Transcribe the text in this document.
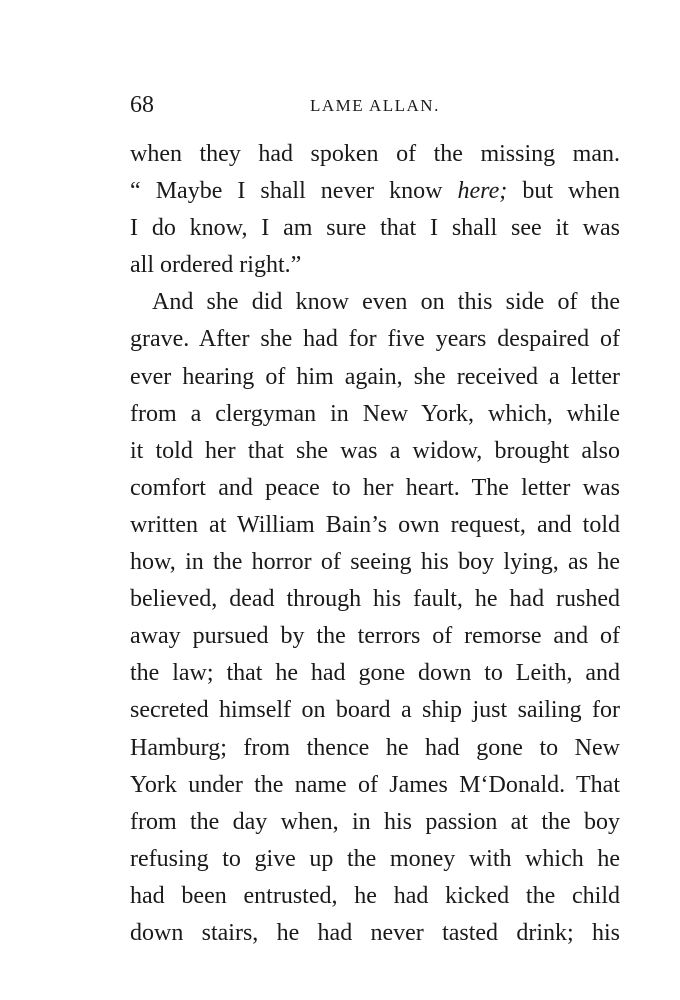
68	LAME ALLAN.
when they had spoken of the missing man.
“ Maybe I shall never know here; but when
I do know, I am sure that I shall see it was
all ordered right.”
And she did know even on this side of the
grave. After she had for five years despaired of
ever hearing of him again, she received a letter
from a clergyman in New York, which, while
it told her that she was a widow, brought also
comfort and peace to her heart. The letter was
written at William Bain’s own request, and told
how, in the horror of seeing his boy lying, as he
believed, dead through his fault, he had rushed
away pursued by the terrors of remorse and of
the law; that he had gone down to Leith, and
secreted himself on board a ship just sailing for
Hamburg; from thence he had gone to New
York under the name of James M‘Donald. That
from the day when, in his passion at the boy
refusing to give up the money with which he
had been entrusted, he had kicked the child
down stairs, he had never tasted drink; his
